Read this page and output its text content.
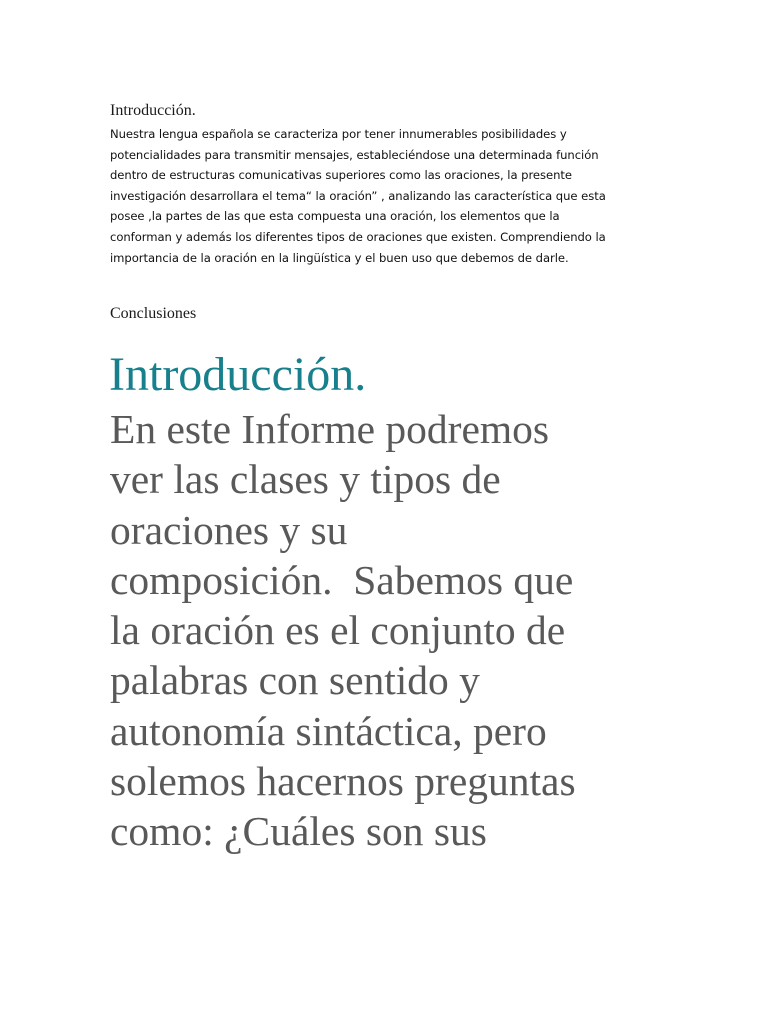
Introducción.

Nuestra lengua española se caracteriza por tener innumerables posibilidades y
potencialidades para transmitir mensajes, estableciéndose una determinada función
dentro de estructuras comunicativas superiores como las oraciones, la presente
investigación desarrollara el tema“ la oración” , analizando las característica que esta
posee ,la partes de las que esta compuesta una oración, los elementos que la
conforman y además los diferentes tipos de oraciones que existen. Comprendiendo la
importancia de la oración en la lingüística y el buen uso que debemos de darle.

Conclusiones
Introducción.

En este Informe podremos
ver las clases y tipos de
oraciones y su
composición.  Sabemos que
la oración es el conjunto de
palabras con sentido y
autonomía sintáctica, pero
solemos hacernos preguntas
como: ¿Cuáles son sus
